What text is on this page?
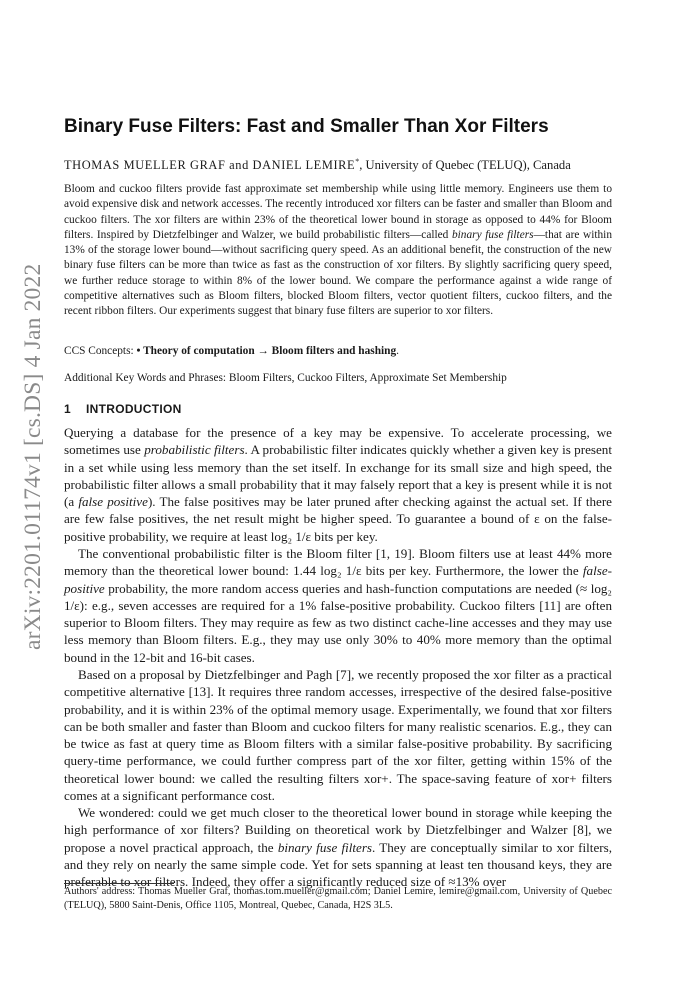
arXiv:2201.01174v1 [cs.DS] 4 Jan 2022
Binary Fuse Filters: Fast and Smaller Than Xor Filters
THOMAS MUELLER GRAF and DANIEL LEMIRE*, University of Quebec (TELUQ), Canada
Bloom and cuckoo filters provide fast approximate set membership while using little memory. Engineers use them to avoid expensive disk and network accesses. The recently introduced xor filters can be faster and smaller than Bloom and cuckoo filters. The xor filters are within 23% of the theoretical lower bound in storage as opposed to 44% for Bloom filters. Inspired by Dietzfelbinger and Walzer, we build probabilistic filters—called binary fuse filters—that are within 13% of the storage lower bound—without sacrificing query speed. As an additional benefit, the construction of the new binary fuse filters can be more than twice as fast as the construction of xor filters. By slightly sacrificing query speed, we further reduce storage to within 8% of the lower bound. We compare the performance against a wide range of competitive alternatives such as Bloom filters, blocked Bloom filters, vector quotient filters, cuckoo filters, and the recent ribbon filters. Our experiments suggest that binary fuse filters are superior to xor filters.
CCS Concepts: • Theory of computation → Bloom filters and hashing.
Additional Key Words and Phrases: Bloom Filters, Cuckoo Filters, Approximate Set Membership
1 INTRODUCTION

Querying a database for the presence of a key may be expensive. To accelerate processing, we sometimes use probabilistic filters. A probabilistic filter indicates quickly whether a given key is present in a set while using less memory than the set itself. In exchange for its small size and high speed, the probabilistic filter allows a small probability that it may falsely report that a key is present while it is not (a false positive). The false positives may be later pruned after checking against the actual set. If there are few false positives, the net result might be higher speed. To guarantee a bound of ε on the false-positive probability, we require at least log₂ 1/ε bits per key.

The conventional probabilistic filter is the Bloom filter [1, 19]. Bloom filters use at least 44% more memory than the theoretical lower bound: 1.44 log₂ 1/ε bits per key. Furthermore, the lower the false-positive probability, the more random access queries and hash-function computations are needed (≈ log₂ 1/ε): e.g., seven accesses are required for a 1% false-positive probability. Cuckoo filters [11] are often superior to Bloom filters. They may require as few as two distinct cache-line accesses and they may use less memory than Bloom filters. E.g., they may use only 30% to 40% more memory than the optimal bound in the 12-bit and 16-bit cases.

Based on a proposal by Dietzfelbinger and Pagh [7], we recently proposed the xor filter as a practical competitive alternative [13]. It requires three random accesses, irrespective of the desired false-positive probability, and it is within 23% of the optimal memory usage. Experimentally, we found that xor filters can be both smaller and faster than Bloom and cuckoo filters for many realistic scenarios. E.g., they can be twice as fast at query time as Bloom filters with a similar false-positive probability. By sacrificing query-time performance, we could further compress part of the xor filter, getting within 15% of the theoretical lower bound: we called the resulting filters xor+. The space-saving feature of xor+ filters comes at a significant performance cost.

We wondered: could we get much closer to the theoretical lower bound in storage while keeping the high performance of xor filters? Building on theoretical work by Dietzfelbinger and Walzer [8], we propose a novel practical approach, the binary fuse filters. They are conceptually similar to xor filters, and they rely on nearly the same simple code. Yet for sets spanning at least ten thousand keys, they are preferable to xor filters. Indeed, they offer a significantly reduced size of ≈13% over

Authors' address: Thomas Mueller Graf, thomas.tom.mueller@gmail.com; Daniel Lemire, lemire@gmail.com, University of Quebec (TELUQ), 5800 Saint-Denis, Office 1105, Montreal, Quebec, Canada, H2S 3L5.
